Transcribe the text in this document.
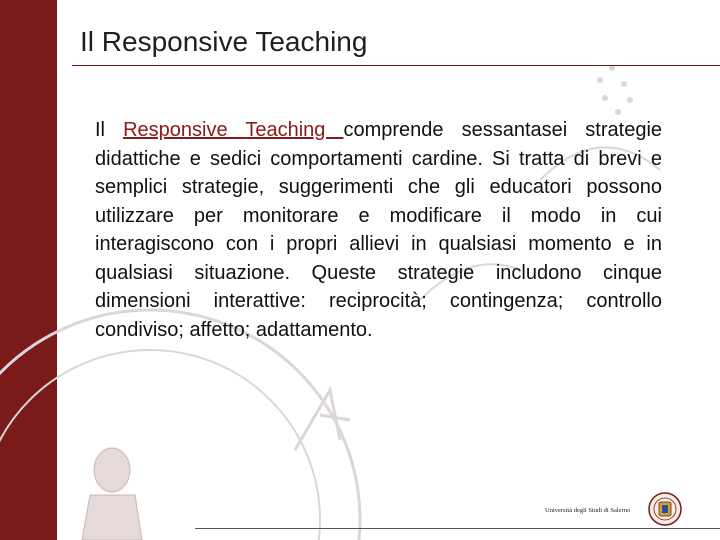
Il Responsive Teaching

Il Responsive Teaching comprende sessantasei strategie didattiche e sedici comportamenti cardine. Si tratta di brevi e semplici strategie, suggerimenti che gli educatori possono utilizzare per monitorare e modificare il modo in cui interagiscono con i propri allievi in qualsiasi momento e in qualsiasi situazione. Queste strategie includono cinque dimensioni interattive: reciprocità; contingenza; controllo condiviso; affetto; adattamento.

Università degli Studi di Salerno
